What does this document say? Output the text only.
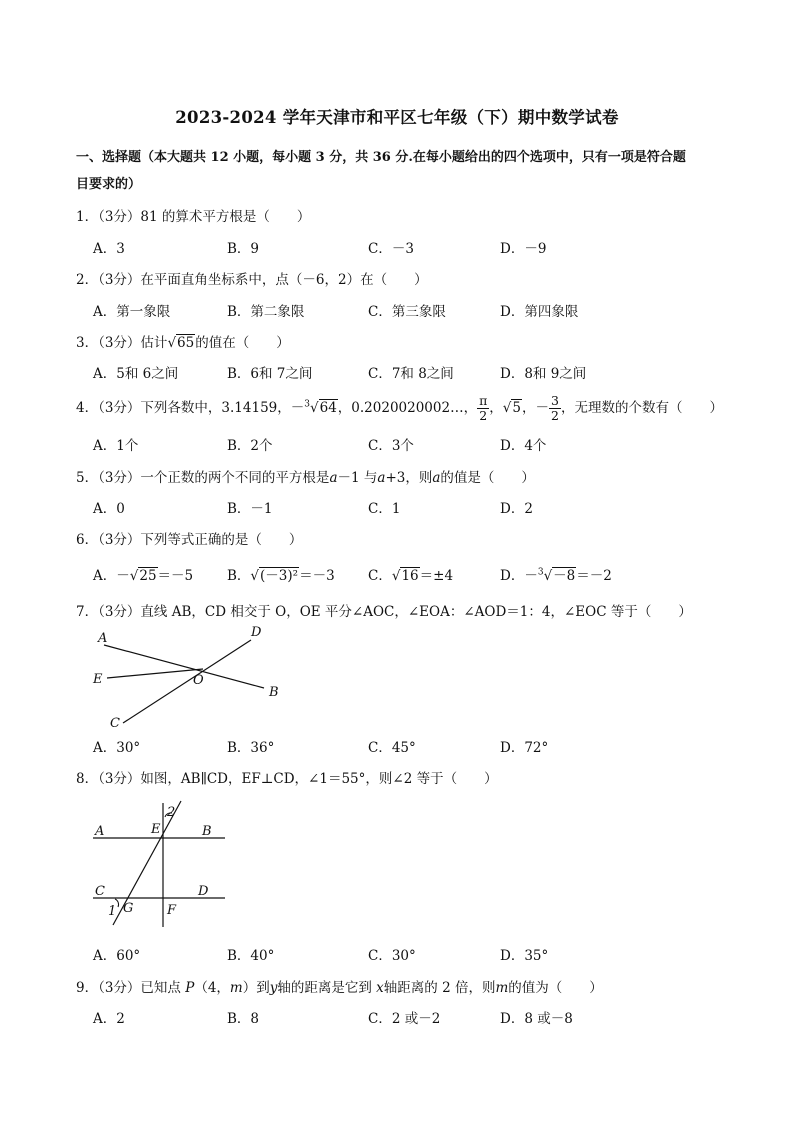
2023-2024 学年天津市和平区七年级（下）期中数学试卷
一、选择题（本大题共 12 小题，每小题 3 分，共 36 分.在每小题给出的四个选项中，只有一项是符合题
目要求的）
1．（3分）81 的算术平方根是（　　）
A．3	B．9	C．－3	D．－9
2．（3分）在平面直角坐标系中，点（－6，2）在（　　）
A．第一象限	B．第二象限	C．第三象限	D．第四象限
3．（3分）估计√65的值在（　　）
A．5和 6之间	B．6和 7之间	C．7和 8之间	D．8和 9之间
4．（3分）下列各数中，3.14159，－$^3$√64，0.2020020002…， $\frac{\pi}{2}$ ，√5，－ $\frac{3}{2}$ ，无理数的个数有（　　）
A．1个	B．2个	C．3个	D．4个
5．（3分）一个正数的两个不同的平方根是a－1 与a+3，则a的值是（　　）
A．0	B．－1	C．1	D．2
6．（3分）下列等式正确的是（　　）
A．－√25＝－5	B．√(－3)²＝－3 C．√16＝±4	D．－$^3$√－8＝－2
7．（3分）直线 AB，CD 相交于 O，OE 平分∠AOC，∠EOA：∠AOD＝1：4，∠EOC 等于（　　）
A
B
C
D
E	O
A．30°	B．36°	C．45°	D．72°
8．（3分）如图，AB∥CD，EF⊥CD，∠1＝55°，则∠2 等于（　　）
A	B
C	D
E
F
G
1
2
A．60°	B．40°	C．30°	D．35°
9．（3分）已知点 P（4，m）到y轴的距离是它到 x轴距离的 2 倍，则m的值为（　　）
A．2	B．8	C．2 或－2	D．8 或－8
